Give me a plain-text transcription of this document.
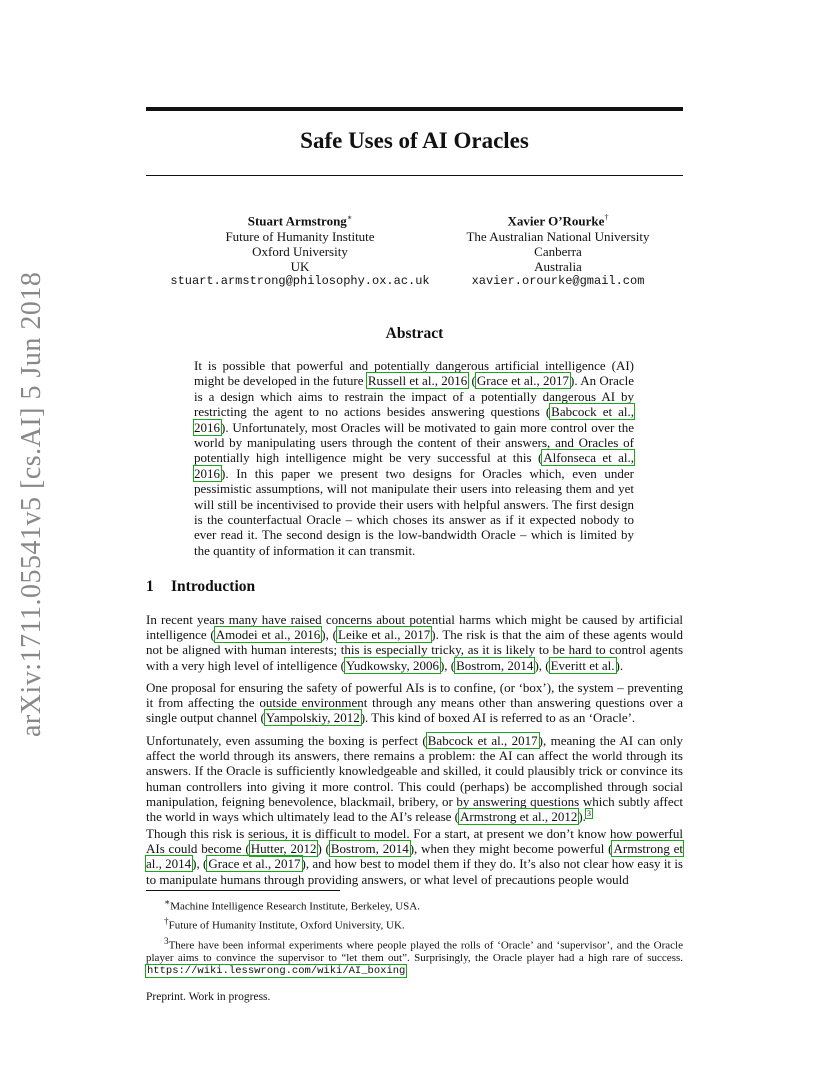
arXiv:1711.05541v5 [cs.AI] 5 Jun 2018
Safe Uses of AI Oracles
Stuart Armstrong∗
Future of Humanity Institute
Oxford University
UK
stuart.armstrong@philosophy.ox.ac.uk
Xavier O’Rourke†
The Australian National University
Canberra
Australia
xavier.orourke@gmail.com
Abstract
It is possible that powerful and potentially dangerous artificial intelligence (AI) might be developed in the future Russell et al., 2016 (Grace et al., 2017). An Oracle is a design which aims to restrain the impact of a potentially dangerous AI by restricting the agent to no actions besides answering questions (Babcock et al., 2016). Unfortunately, most Oracles will be motivated to gain more control over the world by manipulating users through the content of their answers, and Oracles of potentially high intelligence might be very successful at this (Alfonseca et al., 2016). In this paper we present two designs for Oracles which, even under pessimistic assumptions, will not manipulate their users into releasing them and yet will still be incentivised to provide their users with helpful answers. The first design is the counterfactual Oracle – which choses its answer as if it expected nobody to ever read it. The second design is the low-bandwidth Oracle – which is limited by the quantity of information it can transmit.
1 Introduction
In recent years many have raised concerns about potential harms which might be caused by artificial intelligence (Amodei et al., 2016), (Leike et al., 2017). The risk is that the aim of these agents would not be aligned with human interests; this is especially tricky, as it is likely to be hard to control agents with a very high level of intelligence (Yudkowsky, 2006), (Bostrom, 2014), (Everitt et al.).
One proposal for ensuring the safety of powerful AIs is to confine, (or ‘box’), the system – preventing it from affecting the outside environment through any means other than answering questions over a single output channel (Yampolskiy, 2012). This kind of boxed AI is referred to as an ‘Oracle’.
Unfortunately, even assuming the boxing is perfect (Babcock et al., 2017), meaning the AI can only affect the world through its answers, there remains a problem: the AI can affect the world through its answers. If the Oracle is sufficiently knowledgeable and skilled, it could plausibly trick or convince its human controllers into giving it more control. This could (perhaps) be accomplished through social manipulation, feigning benevolence, blackmail, bribery, or by answering questions which subtly affect the world in ways which ultimately lead to the AI’s release (Armstrong et al., 2012).$^3$
Though this risk is serious, it is difficult to model. For a start, at present we don’t know how powerful AIs could become (Hutter, 2012) (Bostrom, 2014), when they might become powerful (Armstrong et al., 2014), (Grace et al., 2017), and how best to model them if they do. It’s also not clear how easy it is to manipulate humans through providing answers, or what level of precautions people would
∗Machine Intelligence Research Institute, Berkeley, USA.
†Future of Humanity Institute, Oxford University, UK.
$^3$There have been informal experiments where people played the rolls of ‘Oracle’ and ‘supervisor’, and the Oracle player aims to convince the supervisor to “let them out”. Surprisingly, the Oracle player had a high rare of success. https://wiki.lesswrong.com/wiki/AI_boxing
Preprint. Work in progress.
